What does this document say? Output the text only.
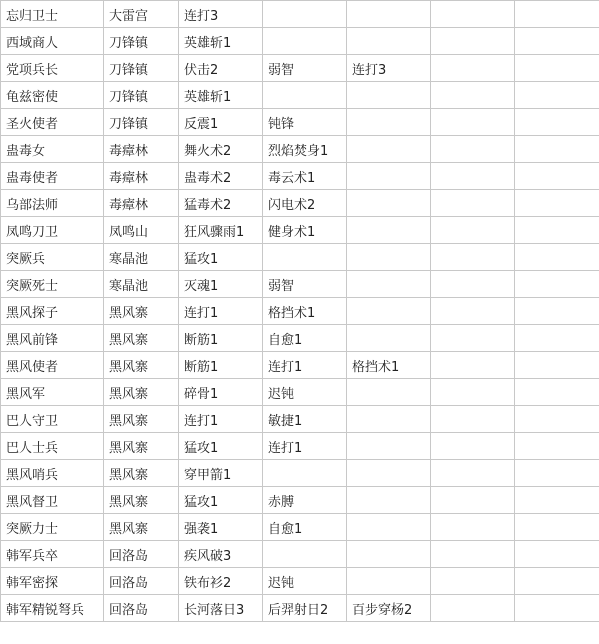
忘归卫士	大雷宫	连打3				
西域商人	刀锋镇	英雄斩1				
党项兵长	刀锋镇	伏击2	弱智	连打3		
龟兹密使	刀锋镇	英雄斩1				
圣火使者	刀锋镇	反震1	钝锋			
蛊毒女	毒瘴林	舞火术2	烈焰焚身1			
蛊毒使者	毒瘴林	蛊毒术2	毒云术1			
乌部法师	毒瘴林	猛毒术2	闪电术2			
凤鸣刀卫	凤鸣山	狂风骤雨1	健身术1			
突厥兵	寒晶池	猛攻1				
突厥死士	寒晶池	灭魂1	弱智			
黑风探子	黑风寨	连打1	格挡术1			
黑风前锋	黑风寨	断筋1	自愈1			
黑风使者	黑风寨	断筋1	连打1	格挡术1		
黑风军	黑风寨	碎骨1	迟钝			
巴人守卫	黑风寨	连打1	敏捷1			
巴人士兵	黑风寨	猛攻1	连打1			
黑风哨兵	黑风寨	穿甲箭1				
黑风督卫	黑风寨	猛攻1	赤膊			
突厥力士	黑风寨	强袭1	自愈1			
韩军兵卒	回洛岛	疾风破3				
韩军密探	回洛岛	铁布衫2	迟钝			
韩军精锐弩兵	回洛岛	长河落日3	后羿射日2	百步穿杨2		
